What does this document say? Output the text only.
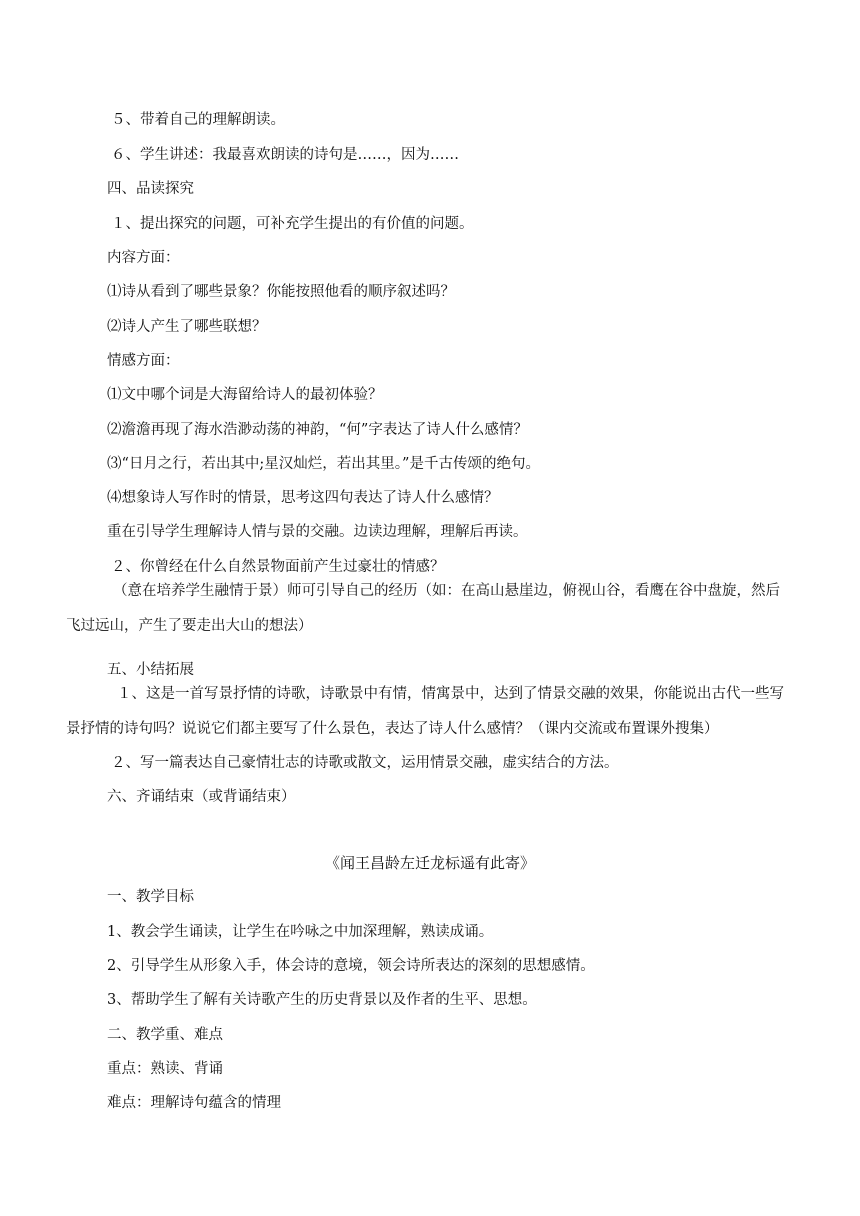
５、带着自己的理解朗读。
６、学生讲述：我最喜欢朗读的诗句是……，因为……
四、品读探究
１、提出探究的问题，可补充学生提出的有价值的问题。
内容方面：
⑴诗从看到了哪些景象？你能按照他看的顺序叙述吗？
⑵诗人产生了哪些联想？
情感方面：
⑴文中哪个词是大海留给诗人的最初体验？
⑵澹澹再现了海水浩渺动荡的神韵，“何”字表达了诗人什么感情？
⑶“日月之行，若出其中;星汉灿烂，若出其里。”是千古传颂的绝句。
⑷想象诗人写作时的情景，思考这四句表达了诗人什么感情？
重在引导学生理解诗人情与景的交融。边读边理解，理解后再读。
２、你曾经在什么自然景物面前产生过豪壮的情感？
（意在培养学生融情于景）师可引导自己的经历（如：在高山悬崖边，俯视山谷，看鹰在谷中盘旋，然后飞过远山，产生了要走出大山的想法）
五、小结拓展
１、这是一首写景抒情的诗歌，诗歌景中有情，情寓景中，达到了情景交融的效果，你能说出古代一些写景抒情的诗句吗？说说它们都主要写了什么景色，表达了诗人什么感情？（课内交流或布置课外搜集）
２、写一篇表达自己豪情壮志的诗歌或散文，运用情景交融，虚实结合的方法。
六、齐诵结束（或背诵结束）
《闻王昌龄左迁龙标遥有此寄》
一、教学目标
1、教会学生诵读，让学生在吟咏之中加深理解，熟读成诵。
2、引导学生从形象入手，体会诗的意境，领会诗所表达的深刻的思想感情。
3、帮助学生了解有关诗歌产生的历史背景以及作者的生平、思想。
二、教学重、难点
重点：熟读、背诵
难点：理解诗句蕴含的情理
